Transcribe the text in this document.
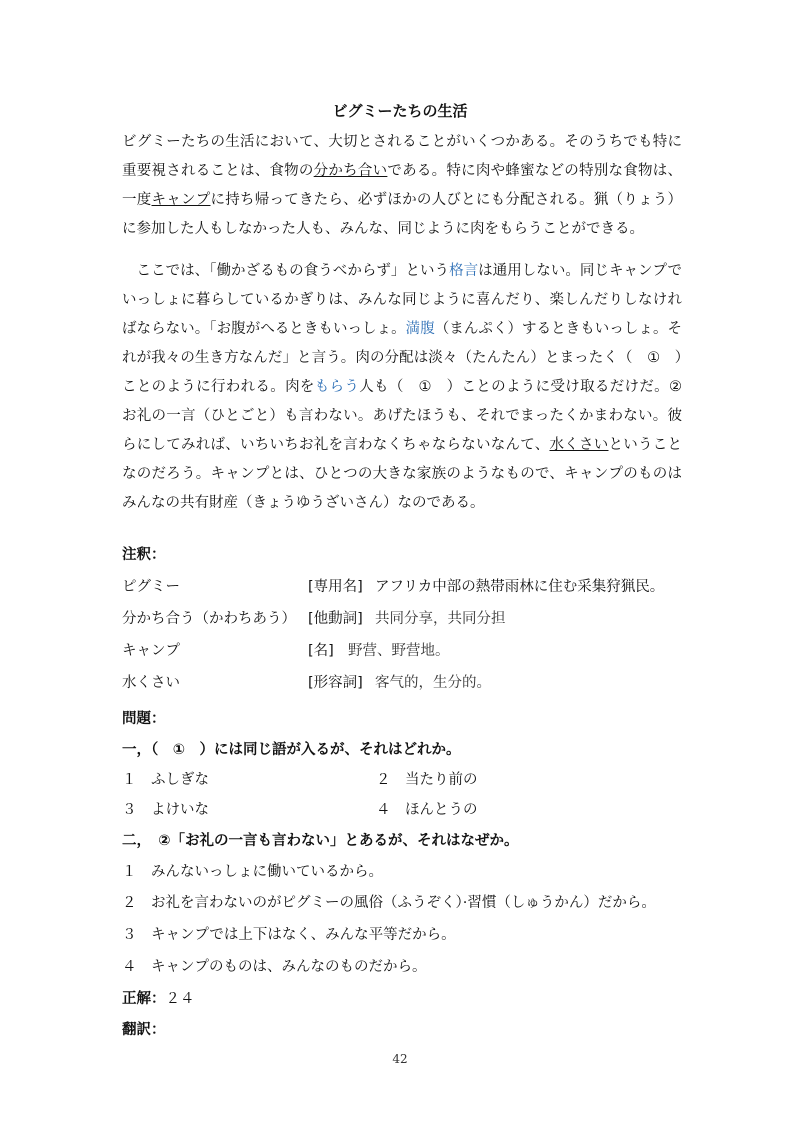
ビグミーたちの生活
ビグミーたちの生活において、大切とされることがいくつかある。そのうちでも特に重要視されることは、食物の分かち合いである。特に肉や蜂蜜などの特別な食物は、一度キャンプに持ち帰ってきたら、必ずほかの人びとにも分配される。猟（りょう）に参加した人もしなかった人も、みんな、同じように肉をもらうことができる。
　ここでは、「働かざるもの食うべからず」という格言は通用しない。同じキャンプでいっしょに暮らしているかぎりは、みんな同じように喜んだり、楽しんだりしなければならない。「お腹がへるときもいっしょ。満腹（まんぷく）するときもいっしょ。それが我々の生き方なんだ」と言う。肉の分配は淡々（たんたん）とまったく（　①　）ことのように行われる。肉をもらう人も（　①　）ことのように受け取るだけだ。②お礼の一言（ひとごと）も言わない。あげたほうも、それでまったくかまわない。彼らにしてみれば、いちいちお礼を言わなくちゃならないなんて、水くさいということなのだろう。キャンプとは、ひとつの大きな家族のようなもので、キャンプのものはみんなの共有財産（きょうゆうざいさん）なのである。
注釈：
ピグミー	[専用名] アフリカ中部の熱帯雨林に住む采集狩猟民。
分かち合う（かわちあう） [他動詞] 共同分享，共同分担
キャンプ	[名] 野营、野营地。
水くさい	[形容詞] 客气的，生分的。
問題：
一，（　①　）には同じ語が入るが、それはどれか。
１　ふしぎな	２　当たり前の
３　よけいな	４　ほんとうの
二，　②「お礼の一言も言わない」とあるが、それはなぜか。
１　みんないっしょに働いているから。
２　お礼を言わないのがピグミーの風俗（ふうぞく）·習慣（しゅうかん）だから。
３　キャンプでは上下はなく、みんな平等だから。
４　キャンプのものは、みんなのものだから。
正解：２４
翻訳：
42
